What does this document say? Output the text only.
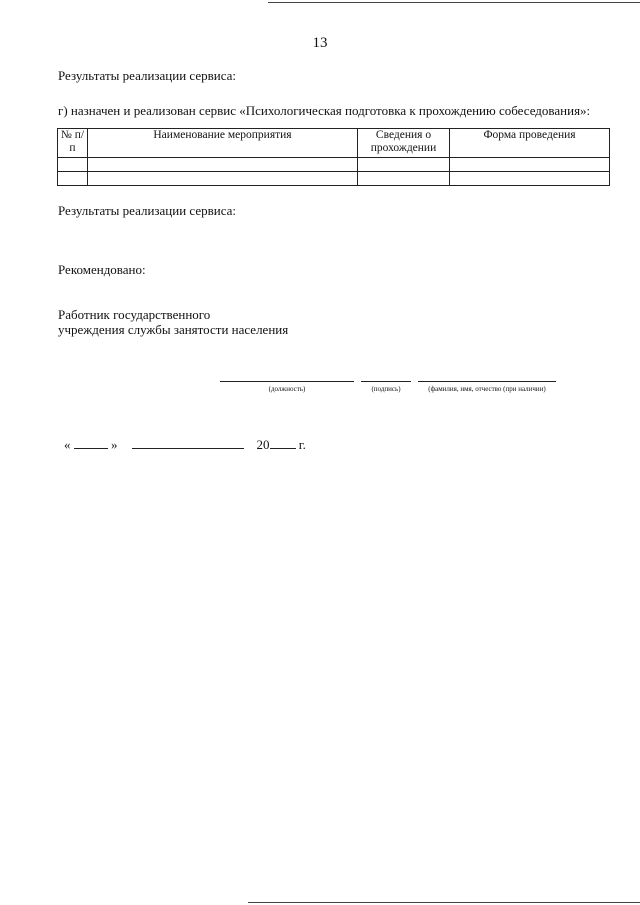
13
Результаты реализации сервиса:
г) назначен и реализован сервис «Психологическая подготовка к прохождению собеседования»:
№ п/п	Наименование мероприятия	Сведения о прохождении	Форма проведения

Результаты реализации сервиса:
Рекомендовано:
Работник государственного
учреждения службы занятости населения
(должность)	(подпись)	(фамилия, имя, отчество (при наличии)
«	»	20 г.
